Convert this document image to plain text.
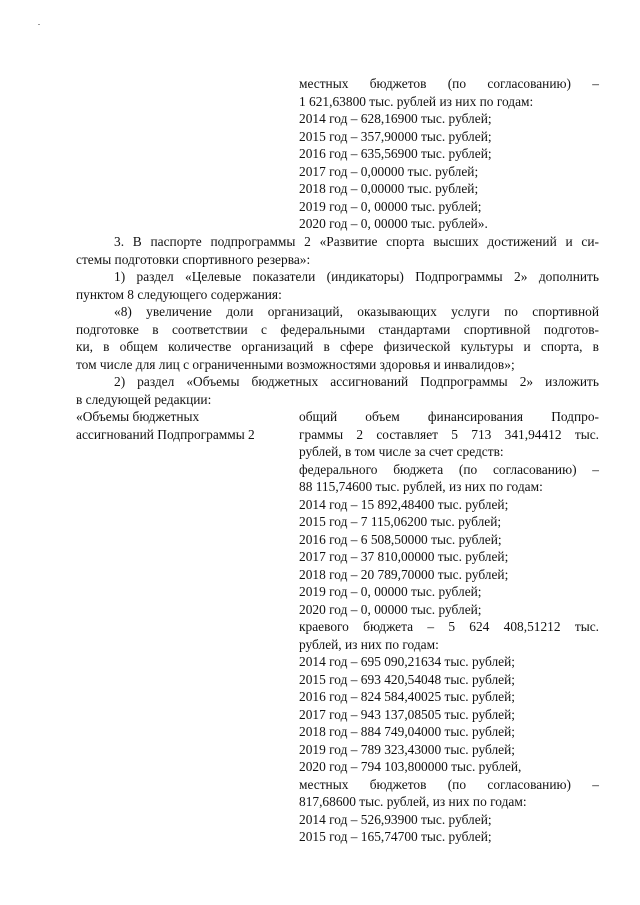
местных бюджетов (по согласованию) –
1 621,63800 тыс. рублей из них по годам:
2014 год – 628,16900 тыс. рублей;
2015 год – 357,90000 тыс. рублей;
2016 год – 635,56900 тыс. рублей;
2017 год – 0,00000 тыс. рублей;
2018 год – 0,00000 тыс. рублей;
2019 год – 0, 00000 тыс. рублей;
2020 год – 0, 00000 тыс. рублей».
3. В паспорте подпрограммы 2 «Развитие спорта высших достижений и си-
стемы подготовки спортивного резерва»:
1) раздел «Целевые показатели (индикаторы) Подпрограммы 2» дополнить
пунктом 8 следующего содержания:
«8) увеличение доли организаций, оказывающих услуги по спортивной
подготовке в соответствии с федеральными стандартами спортивной подготов-
ки, в общем количестве организаций в сфере физической культуры и спорта, в
том числе для лиц с ограниченными возможностями здоровья и инвалидов»;
2) раздел «Объемы бюджетных ассигнований Подпрограммы 2» изложить
в следующей редакции:
«Объемы бюджетных
ассигнований Подпрограммы 2
общий объем финансирования Подпро-
граммы 2 составляет 5 713 341,94412 тыс.
рублей, в том числе за счет средств:
федерального бюджета (по согласованию) –
88 115,74600 тыс. рублей, из них по годам:
2014 год – 15 892,48400 тыс. рублей;
2015 год – 7 115,06200 тыс. рублей;
2016 год – 6 508,50000 тыс. рублей;
2017 год – 37 810,00000 тыс. рублей;
2018 год – 20 789,70000 тыс. рублей;
2019 год – 0, 00000 тыс. рублей;
2020 год – 0, 00000 тыс. рублей;
краевого бюджета – 5 624 408,51212 тыс.
рублей, из них по годам:
2014 год – 695 090,21634 тыс. рублей;
2015 год – 693 420,54048 тыс. рублей;
2016 год – 824 584,40025 тыс. рублей;
2017 год – 943 137,08505 тыс. рублей;
2018 год – 884 749,04000 тыс. рублей;
2019 год – 789 323,43000 тыс. рублей;
2020 год – 794 103,800000 тыс. рублей,
местных бюджетов (по согласованию) –
817,68600 тыс. рублей, из них по годам:
2014 год – 526,93900 тыс. рублей;
2015 год – 165,74700 тыс. рублей;
